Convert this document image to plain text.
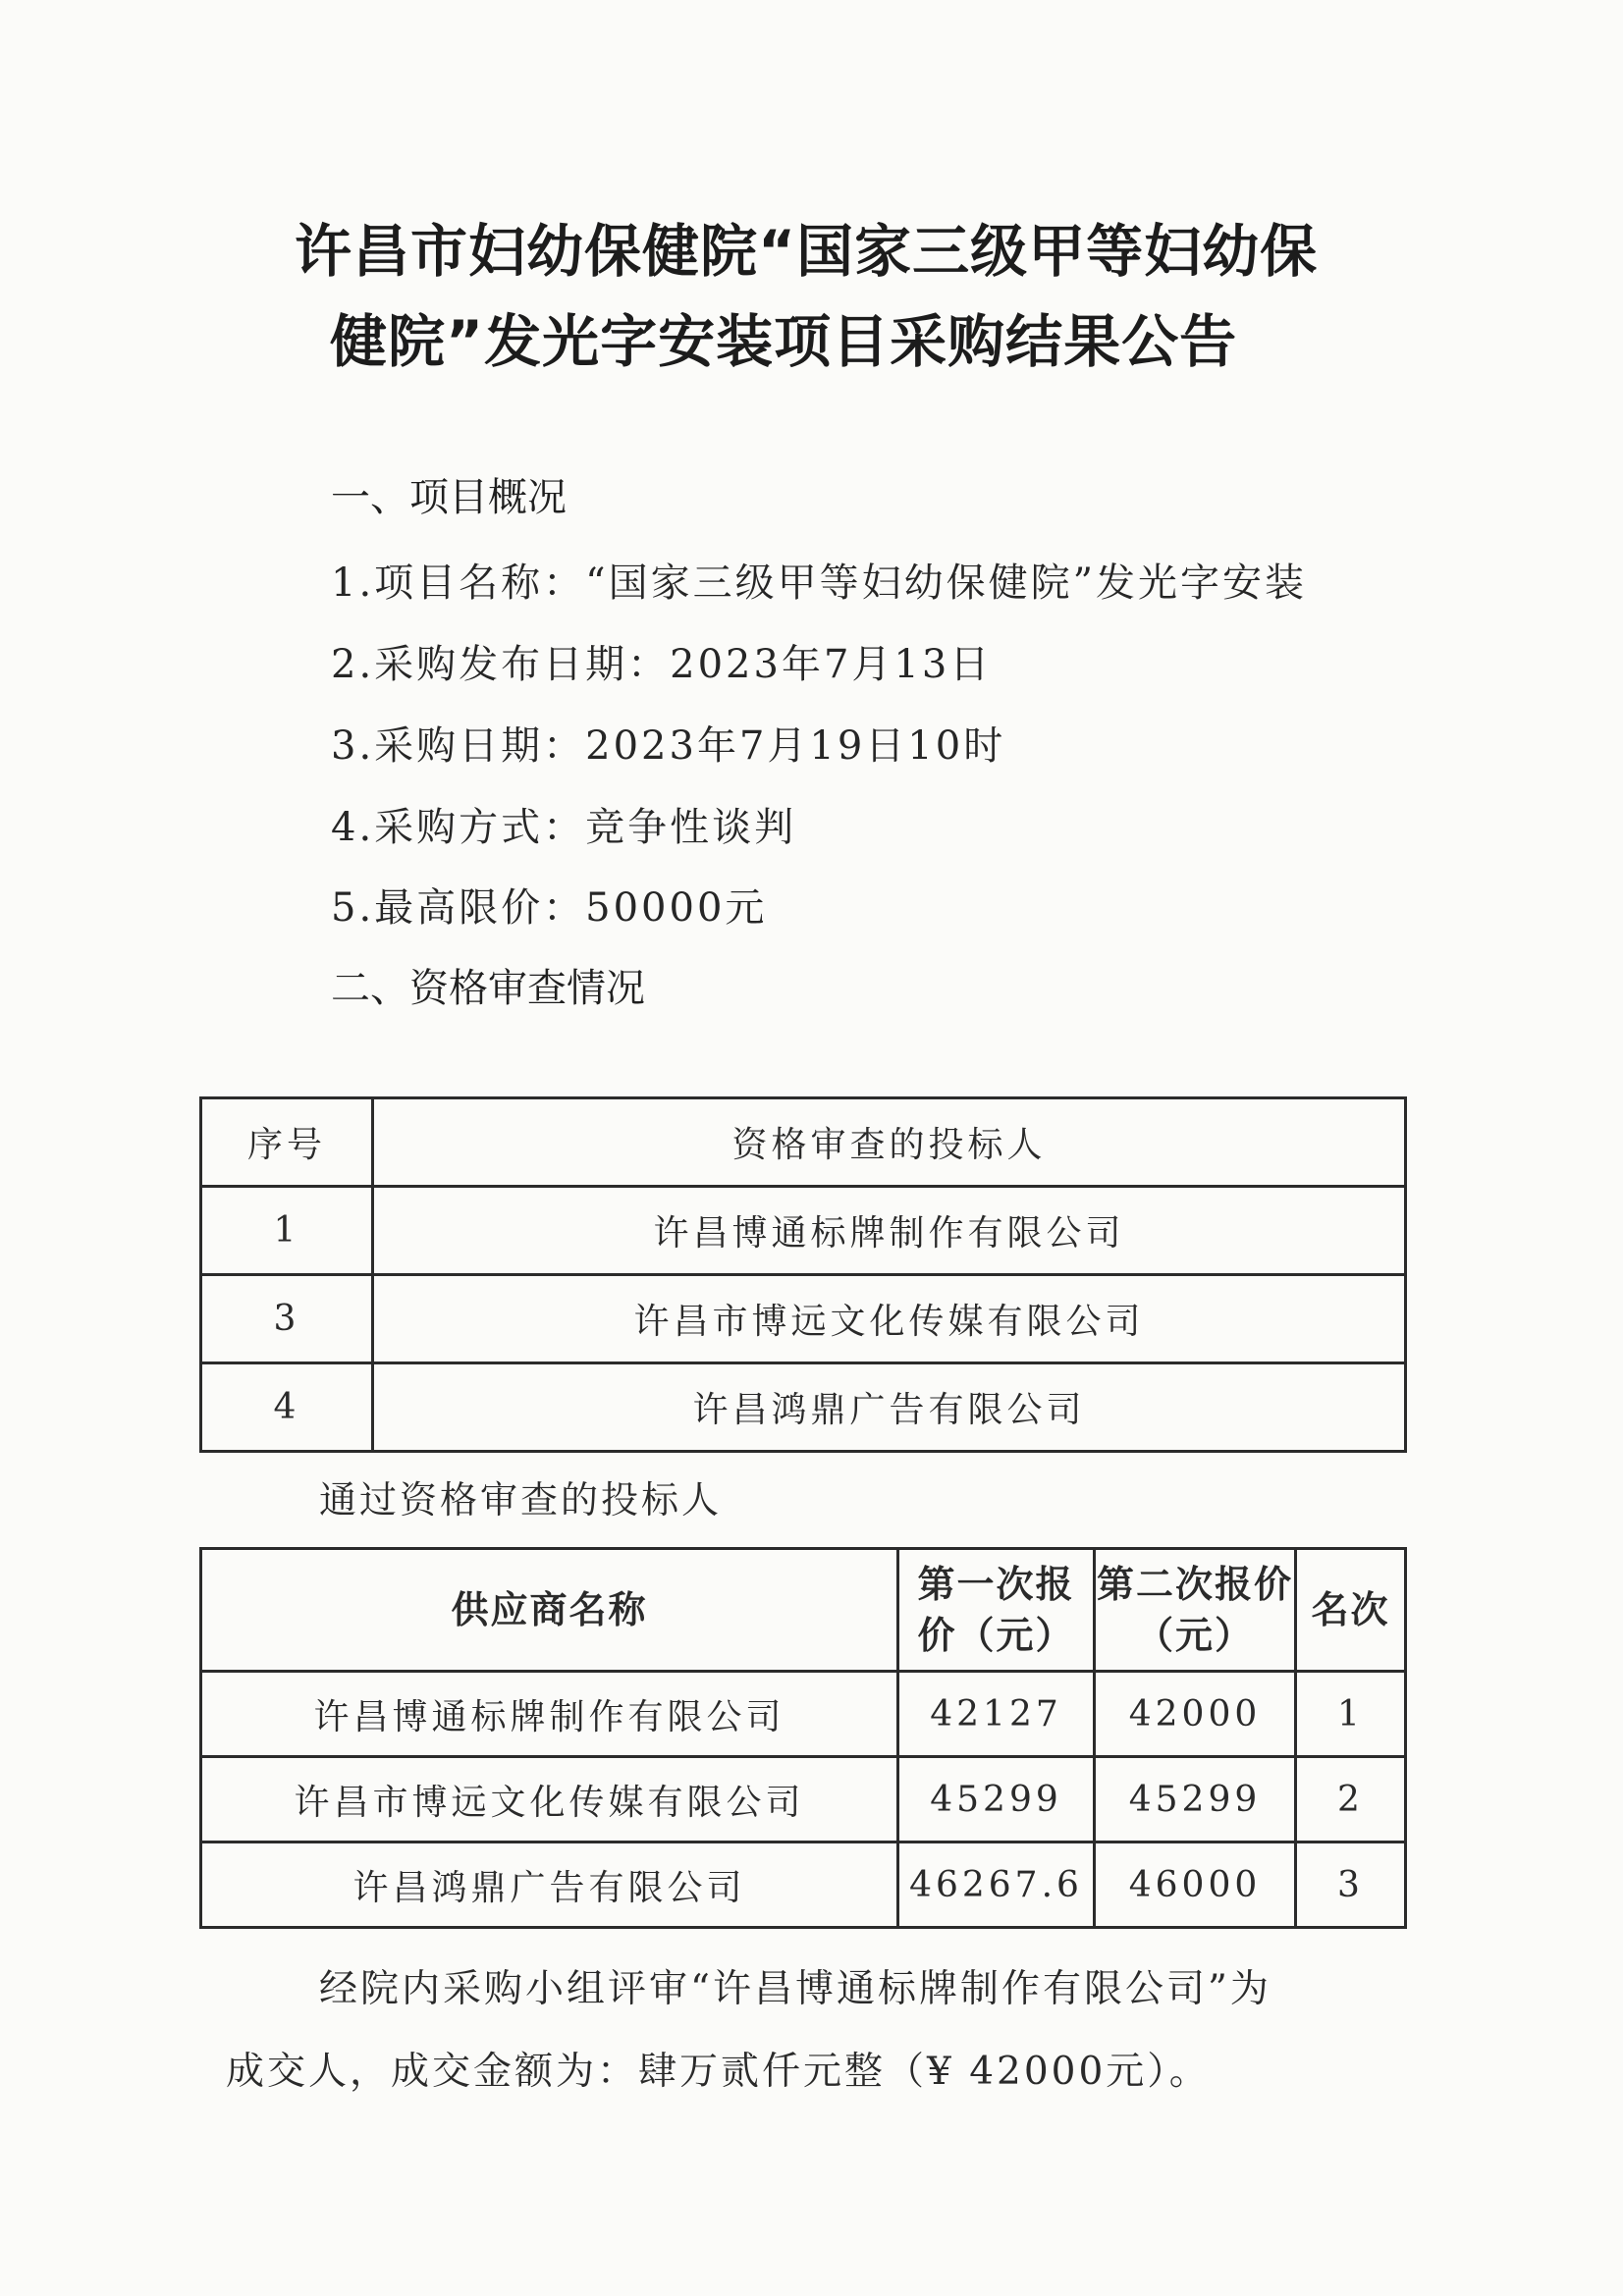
许昌市妇幼保健院“国家三级甲等妇幼保
健院”发光字安装项目采购结果公告
一、项目概况
1.项目名称：“国家三级甲等妇幼保健院”发光字安装
2.采购发布日期：2023年7月13日
3.采购日期：2023年7月19日10时
4.采购方式：竞争性谈判
5.最高限价：50000元
二、资格审查情况
序号	资格审查的投标人
1	许昌博通标牌制作有限公司
3	许昌市博远文化传媒有限公司
4	许昌鸿鼎广告有限公司
通过资格审查的投标人
供应商名称	第一次报价（元）	第二次报价（元）	名次
许昌博通标牌制作有限公司	42127	42000	1
许昌市博远文化传媒有限公司	45299	45299	2
许昌鸿鼎广告有限公司	46267.6	46000	3
经院内采购小组评审“许昌博通标牌制作有限公司”为
成交人，成交金额为：肆万贰仟元整（¥ 42000元）。
